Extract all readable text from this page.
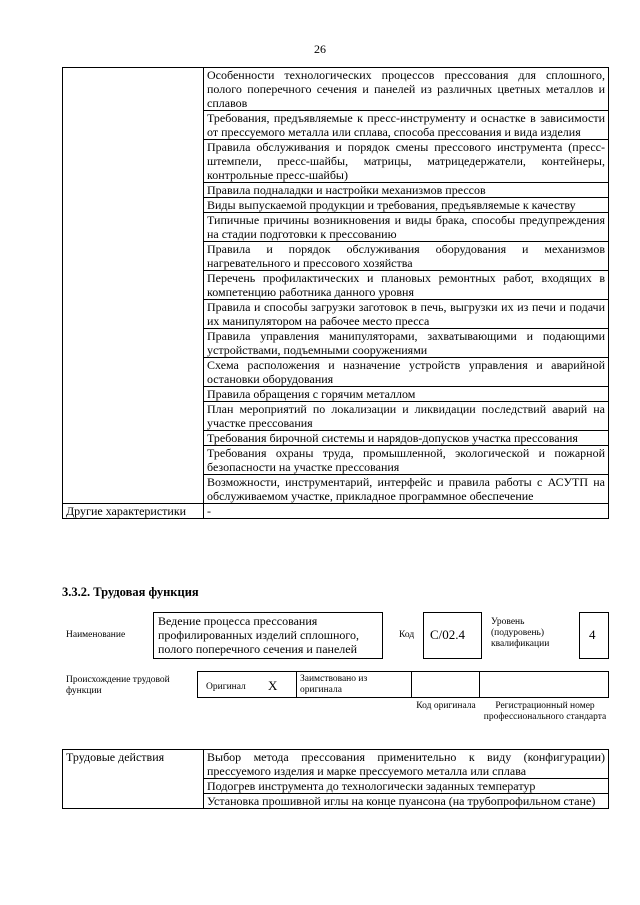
26
	Особенности технологических процессов прессования для сплошного, полого поперечного сечения и панелей из различных цветных металлов и сплавов
	Требования, предъявляемые к пресс-инструменту и оснастке в зависимости от прессуемого металла или сплава, способа прессования и вида изделия
	Правила обслуживания и порядок смены прессового инструмента (пресс-штемпели, пресс-шайбы, матрицы, матрицедержатели, контейнеры, контрольные пресс-шайбы)
	Правила подналадки и настройки механизмов прессов
	Виды выпускаемой продукции и требования, предъявляемые к качеству
	Типичные причины возникновения и виды брака, способы предупреждения на стадии подготовки к прессованию
	Правила и порядок обслуживания оборудования и механизмов нагревательного и прессового хозяйства
	Перечень профилактических и плановых ремонтных работ, входящих в компетенцию работника данного уровня
	Правила и способы загрузки заготовок в печь, выгрузки их из печи и подачи их манипулятором на рабочее место пресса
	Правила управления манипуляторами, захватывающими и подающими устройствами, подъемными сооружениями
	Схема расположения и назначение устройств управления и аварийной остановки оборудования
	Правила обращения с горячим металлом
	План мероприятий по локализации и ликвидации последствий аварий на участке прессования
	Требования бирочной системы и нарядов-допусков участка прессования
	Требования охраны труда, промышленной, экологической и пожарной безопасности на участке прессования
	Возможности, инструментарий, интерфейс и правила работы с АСУТП на обслуживаемом участке, прикладное программное обеспечение
Другие характеристики	-
3.3.2. Трудовая функция
Наименование
Ведение процесса прессования профилированных изделий сплошного, полого поперечного сечения и панелей
Код С/02.4
Уровень (подуровень) квалификации
4
Происхождение трудовой функции	Оригинал Х Заимствовано из оригинала
Код оригинала	Регистрационный номер профессионального стандарта
Трудовые действия	Выбор метода прессования применительно к виду (конфигурации) прессуемого изделия и марке прессуемого металла или сплава
Подогрев инструмента до технологически заданных температур
Установка прошивной иглы на конце пуансона (на трубопрофильном стане)
